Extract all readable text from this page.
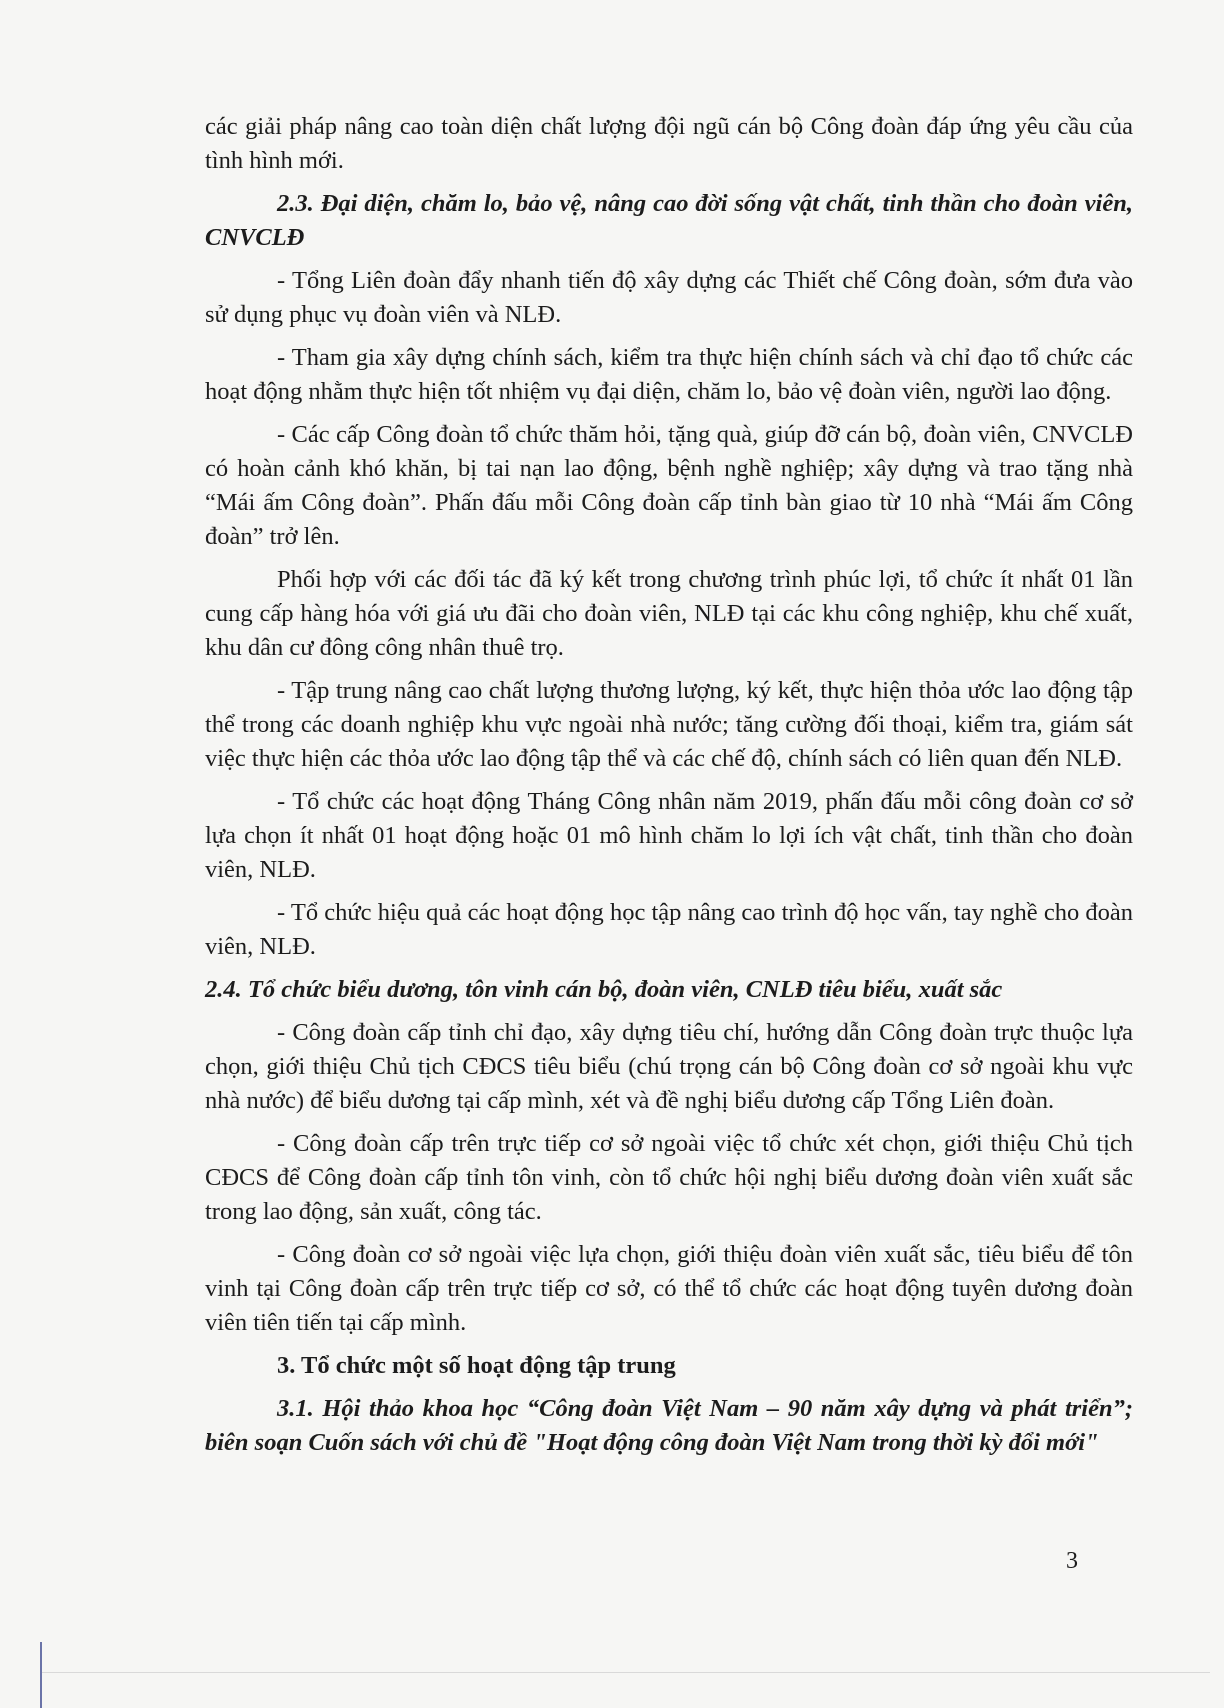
các giải pháp nâng cao toàn diện chất lượng đội ngũ cán bộ Công đoàn đáp ứng yêu cầu của tình hình mới.

2.3. Đại diện, chăm lo, bảo vệ, nâng cao đời sống vật chất, tinh thần cho đoàn viên, CNVCLĐ

- Tổng Liên đoàn đẩy nhanh tiến độ xây dựng các Thiết chế Công đoàn, sớm đưa vào sử dụng phục vụ đoàn viên và NLĐ.

- Tham gia xây dựng chính sách, kiểm tra thực hiện chính sách và chỉ đạo tổ chức các hoạt động nhằm thực hiện tốt nhiệm vụ đại diện, chăm lo, bảo vệ đoàn viên, người lao động.

- Các cấp Công đoàn tổ chức thăm hỏi, tặng quà, giúp đỡ cán bộ, đoàn viên, CNVCLĐ có hoàn cảnh khó khăn, bị tai nạn lao động, bệnh nghề nghiệp; xây dựng và trao tặng nhà “Mái ấm Công đoàn”. Phấn đấu mỗi Công đoàn cấp tỉnh bàn giao từ 10 nhà “Mái ấm Công đoàn” trở lên.

Phối hợp với các đối tác đã ký kết trong chương trình phúc lợi, tổ chức ít nhất 01 lần cung cấp hàng hóa với giá ưu đãi cho đoàn viên, NLĐ tại các khu công nghiệp, khu chế xuất, khu dân cư đông công nhân thuê trọ.

- Tập trung nâng cao chất lượng thương lượng, ký kết, thực hiện thỏa ước lao động tập thể trong các doanh nghiệp khu vực ngoài nhà nước; tăng cường đối thoại, kiểm tra, giám sát việc thực hiện các thỏa ước lao động tập thể và các chế độ, chính sách có liên quan đến NLĐ.

- Tổ chức các hoạt động Tháng Công nhân năm 2019, phấn đấu mỗi công đoàn cơ sở lựa chọn ít nhất 01 hoạt động hoặc 01 mô hình chăm lo lợi ích vật chất, tinh thần cho đoàn viên, NLĐ.

- Tổ chức hiệu quả các hoạt động học tập nâng cao trình độ học vấn, tay nghề cho đoàn viên, NLĐ.

2.4. Tổ chức biểu dương, tôn vinh cán bộ, đoàn viên, CNLĐ tiêu biểu, xuất sắc

- Công đoàn cấp tỉnh chỉ đạo, xây dựng tiêu chí, hướng dẫn Công đoàn trực thuộc lựa chọn, giới thiệu Chủ tịch CĐCS tiêu biểu (chú trọng cán bộ Công đoàn cơ sở ngoài khu vực nhà nước) để biểu dương tại cấp mình, xét và đề nghị biểu dương cấp Tổng Liên đoàn.

- Công đoàn cấp trên trực tiếp cơ sở ngoài việc tổ chức xét chọn, giới thiệu Chủ tịch CĐCS để Công đoàn cấp tỉnh tôn vinh, còn tổ chức hội nghị biểu dương đoàn viên xuất sắc trong lao động, sản xuất, công tác.

- Công đoàn cơ sở ngoài việc lựa chọn, giới thiệu đoàn viên xuất sắc, tiêu biểu để tôn vinh tại Công đoàn cấp trên trực tiếp cơ sở, có thể tổ chức các hoạt động tuyên dương đoàn viên tiên tiến tại cấp mình.

3. Tổ chức một số hoạt động tập trung

3.1. Hội thảo khoa học “Công đoàn Việt Nam – 90 năm xây dựng và phát triển”; biên soạn Cuốn sách với chủ đề "Hoạt động công đoàn Việt Nam trong thời kỳ đổi mới"

3
